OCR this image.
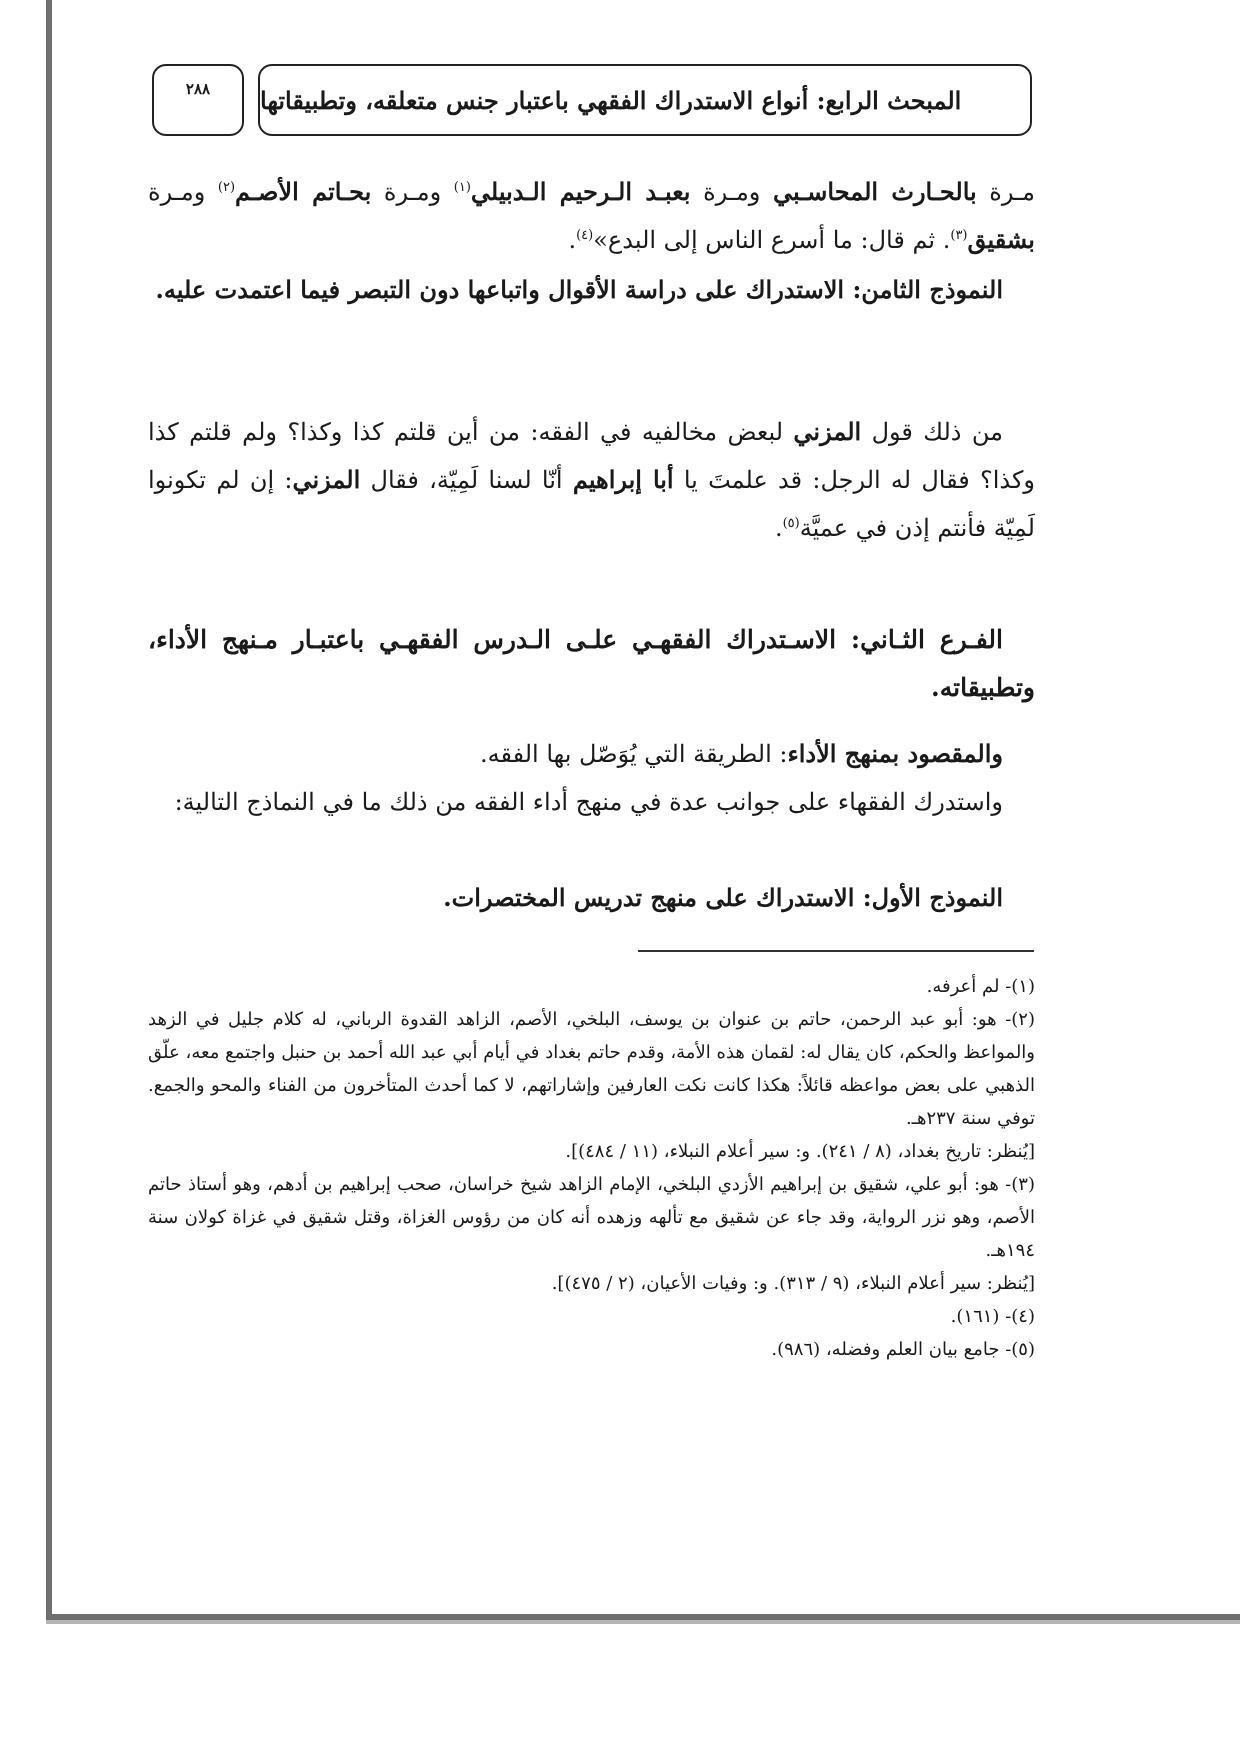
المبحث الرابع: أنواع الاستدراك الفقهي باعتبار جنس متعلقه، وتطبيقاتها
٢٨٨
مـرة بالحـارث المحاسـبي ومـرة بعبـد الـرحيم الـدبيلي$^{(١)}$ ومـرة بحـاتم الأصـم$^{(٢)}$ ومـرة بشقيق$^{(٣)}$. ثم قال: ما أسرع الناس إلى البدع»$^{(٤)}$.
النموذج الثامن: الاستدراك على دراسة الأقوال واتباعها دون التبصر فيما اعتمدت عليه.
من ذلك قول المزني لبعض مخالفيه في الفقه: من أين قلتم كذا وكذا؟ ولم قلتم كذا وكذا؟ فقال له الرجل: قد علمتَ يا أبا إبراهيم أنّا لسنا لَمِيّة، فقال المزني: إن لم تكونوا لَمِيّة فأنتم إذن في عميَّة$^{(٥)}$.
الفـرع الثـاني: الاسـتدراك الفقهـي علـى الـدرس الفقهـي باعتبـار مـنهج الأداء، وتطبيقاته.
والمقصود بمنهج الأداء: الطريقة التي يُوَصّل بها الفقه.
واستدرك الفقهاء على جوانب عدة في منهج أداء الفقه من ذلك ما في النماذج التالية:
النموذج الأول: الاستدراك على منهج تدريس المختصرات.

(١)- لم أعرفه.

(٢)- هو: أبو عبد الرحمن، حاتم بن عنوان بن يوسف، البلخي، الأصم، الزاهد القدوة الرباني، له كلام جليل في الزهد والمواعظ والحكم، كان يقال له: لقمان هذه الأمة، وقدم حاتم بغداد في أيام أبي عبد الله أحمد بن حنبل واجتمع معه، علّق الذهبي على بعض مواعظه قائلاً: هكذا كانت نكت العارفين وإشاراتهم، لا كما أحدث المتأخرون من الفناء والمحو والجمع. توفي سنة ٢٣٧هـ.

[يُنظر: تاريخ بغداد، (٨ / ٢٤١). و: سير أعلام النبلاء، (١١ / ٤٨٤)].

(٣)- هو: أبو علي، شقيق بن إبراهيم الأزدي البلخي، الإمام الزاهد شيخ خراسان، صحب إبراهيم بن أدهم، وهو أستاذ حاتم الأصم، وهو نزر الرواية، وقد جاء عن شقيق مع تألهه وزهده أنه كان من رؤوس الغزاة، وقتل شقيق في غزاة كولان سنة ١٩٤هـ.

[يُنظر: سير أعلام النبلاء، (٩ / ٣١٣). و: وفيات الأعيان، (٢ / ٤٧٥)].

(٤)- (١٦١).

(٥)- جامع بيان العلم وفضله، (٩٨٦).
